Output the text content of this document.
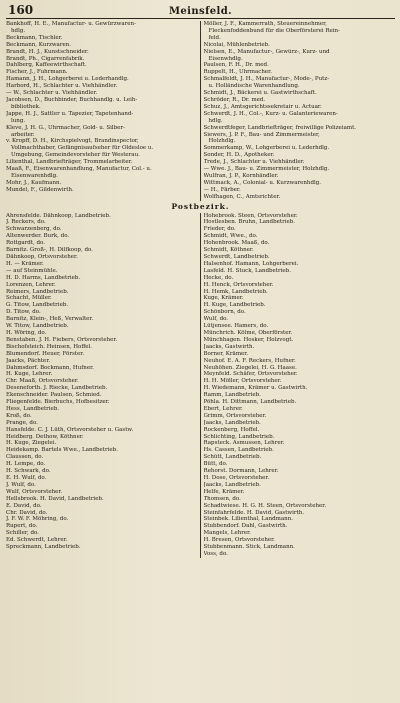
160	Meinsfeld.
Bankhoff, H. E., Manufactur- u. Gewürzwaren-
hdlg.
Beckmann, Tischler.
Beckmann, Kurzwaren.
Brandt, H. J., Kunstschneider.
Brandt, Ph., Cigarrenfabrik.
Dahlberg, Kaffeewirthschaft.
Fischer, J., Fuhrmann.
Hamann, J. H., Lohgerberei u. Lederhandlg.
Harbord, H., Schlachter u. Viehhändler.
— W., Schlachter u. Viehhändler.
Jacobsen, D., Buchbinder, Buchhandlg. u. Leih-
bibliothek.
Jappe, H. J., Sattler u. Tapezier, Tapetenhand-
lung.
Kleve, J. H. G., Uhrmacher, Gold- u. Silber-
arbeiter.
v. Kropff, D. H., Kirchspielvogt, Brandinspector,
Vollmachthaber, Gefängnisaufseher für Oldesloe u.
Umgebung, Gemeindevorsteher für Westerau.
Lilienthal, Landbriefträger, Trommelarbeiter.
Maaß, F., Eisenwarenhandlung, Manufactur, Col.- u.
Eisenwarenhdlg.
Mohr, J., Kaufmann.
Mundel, F., Gildenwirth.
Möller, J. F., Kammerrath, Steuereinnehmer,
Fleckenfoddenbund für die Oberförsterei Rein-
feld.
Nicolai, Mühlenbetrieb.
Nielsen, E., Manufactur-, Gewürz-, Kurz- und
Eisenwhdlg.
Paulsen, F. H., Dr. med.
Ruppelt, H., Uhrmacher.
Schmalfeldt, J. H., Manufactur-, Mode-, Putz-
u. Holländische Warenhandlung.
Schmidt, J., Bäckerei u. Gastwirthschaft.
Schröder, R., Dr. med.
Schuz, J., Amtsgerichtssekretair u. Actuar.
Schwerdt, J. H., Col.-, Kurz- u. Galanteriewaren-
hdlg.
Schwerdtfeger, Landbriefträger, freiwillige Polizeiamt.
Siewers, J. P. F., Bau- und Zimmermeister,
Holzhdlg.
Sommerkamp, W., Lohgerberei u. Lederhdlg.
Sonder, H. D., Apotheker.
Trede, J., Schlachter u. Viehhändler.
— Wwe. J., Bau- u. Zimmermeister, Holzhdlg.
Wulfran, J. P., Kornhändler.
Wittmack, A., Colonial- u. Kurzwarenhdlg.
— H., Färber.
Wolfhagen, C., Amtsrichter.
Postbezirk.
Ahrensfelde. Dähnkoop, Landbetrieb.
J. Reckers, do.
Schwarzenberg, do.
Altenwerder. Burk, do.
Rottgardt, do.
Barnitz. Groß-, H. Dilfkoop, do.
Dähnkoop, Ortsvorsteher.
H. — Krämer.
— auf Steinmühle.
H. D. Harms, Landbetrieb.
Lorenzen, Lehrer.
Reimers, Landbetrieb.
Schacht, Müller.
G. Titow, Landbetrieb.
D. Titow, do.
Barnitz, Klein-, Heß, Verwalter.
W. Titow, Landbetrieb.
H. Wöring, do.
Benstaben. J. H. Fiebers, Ortsvorsteher.
Bischofsteich. Heinsen, Hoffel.
Blumendorf. Heuer, Förster.
Jaacks, Pächter.
Dahmsdorf. Bockmann, Hufner.
H. Kuge, Lehrer.
Chr. Maaß, Ortsvorsteher.
Deseneforth. J. Riecke, Landbetrieb.
Ekenschneider. Paulsen, Schmied.
Fliegenfelde. Bierbuchs, Hofbesitzer.
Hess, Landbetrieb.
Kroß, do.
Prange, do.
Hansfelde. C. J. Lüth, Ortsvorsteher u. Gastw.
Heidberg. Dethow, Köthner.
H. Kuge, Ziegelei.
Heidekamp. Bartels Wwe., Landbetrieb.
Claussen, do.
H. Lempe, do.
H. Schwark, do.
E. H. Wulf, do.
J. Wulf, do.
Wulf, Ortsvorsteher.
Hellsbrook. H. David, Landbetrieb.
E. David, do.
Chr. David, do.
J. F. W. F. Möhring, do.
Rupert, do.
Schiller, do.
Ed. Schwerdt, Lehrer.
Spreckmann, Landbetrieb.
Hohebrook. Steen, Ortsvorsteher.
Hostlesben. Bruhn, Landbetrieb.
Frieder, do.
Schmidt, Wwe., do.
Hohenbrook. Maaß, do.
Schmidt, Köthner.
Schwerdt, Landbetrieb.
Halsenhof. Hamann, Lohgerberei.
Lasfeld. H. Stuck, Landbetrieb.
Hecke, do.
H. Henck, Ortsvorsteher.
H. Hemk, Landbetrieb.
Kuge, Krämer.
H. Kuge, Landbetrieb.
Schönborn, do.
Wulf, do.
Lütjensee. Hamers, do.
Münchrich. Kölme, Oberförster.
Münchhagen. Hosker, Holzvogt.
Jaacks, Gastwirth.
Borner, Krämer.
Neuhof. E. A. F. Reckers, Hufner.
Neuhöhen. Ziegelei, H. G. Haase.
Meynfeld. Schäfer, Ortsvorsteher.
H. H. Möller, Ortsvorsteher.
H. Wiedemann, Krämer u. Gastwirth.
Ramm, Landbetrieb.
Pöhla. H. Dittmann, Landbetrieb.
Ebert, Lehrer.
Grimm, Ortsvorsteher.
Jaacks, Landbetrieb.
Rockenberg, Hoffel.
Schlichting, Landbetrieb.
Rapsteck. Asmussen, Lehrer.
Hs. Cassen, Landbetrieb.
Schütt, Landbetrieb.
Bütt, do.
Rehorst. Dormann, Lehrer.
H. Dose, Ortsvorsteher.
Jaacks, Landbetrieb.
Helfe, Krämer.
Thomsen, do.
Schadtwiese. H. G. H. Steen, Ortsvorsteher.
Steinfahrfelde. H. David, Gastwirth.
Steinbek. Lilienthal, Landmann.
Stubbendorf. Dahl, Gastwirth.
Mangels, Lehrer.
H. Bresen, Ortsvorsteher.
Stubbenmann. Stick, Landmann.
Voss, do.
